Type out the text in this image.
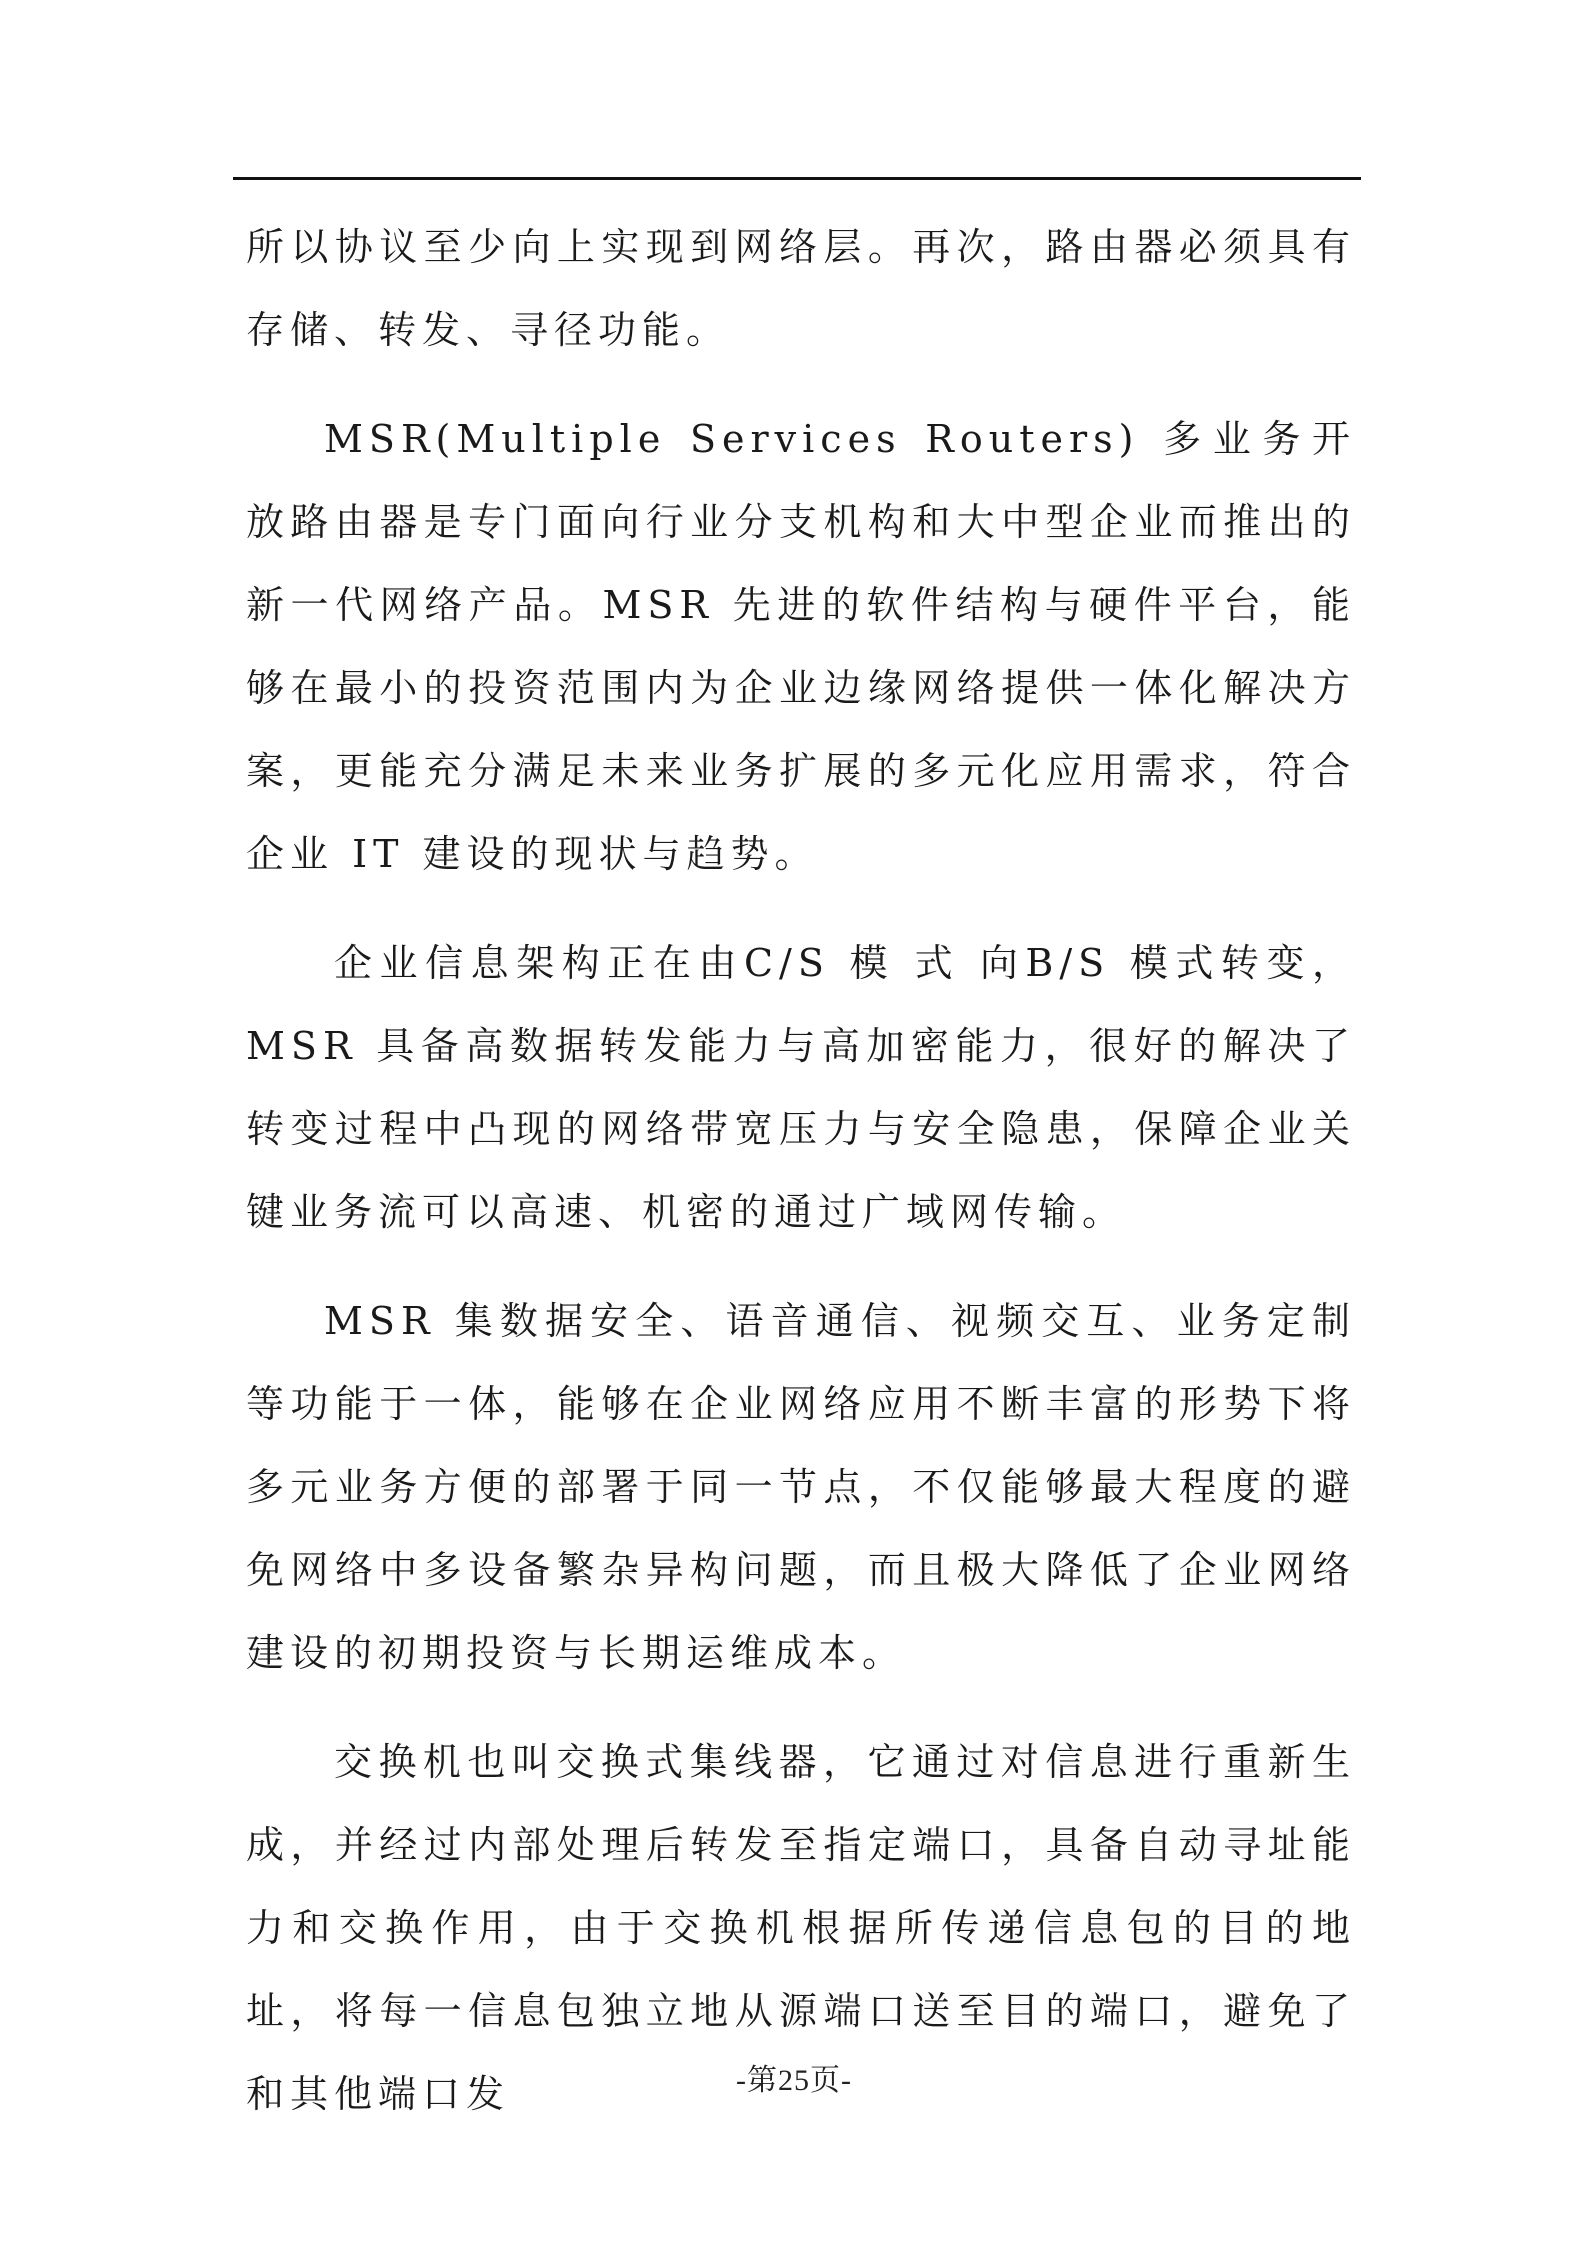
所以协议至少向上实现到网络层。再次，路由器必须具有存储、转发、寻径功能。

MSR(Multiple Services Routers) 多业务开放路由器是专门面向行业分支机构和大中型企业而推出的新一代网络产品。MSR 先进的软件结构与硬件平台，能够在最小的投资范围内为企业边缘网络提供一体化解决方案，更能充分满足未来业务扩展的多元化应用需求，符合企业 IT 建设的现状与趋势。

企业信息架构正在由C/S 模 式 向B/S 模式转变，MSR 具备高数据转发能力与高加密能力，很好的解决了转变过程中凸现的网络带宽压力与安全隐患，保障企业关键业务流可以高速、机密的通过广域网传输。

MSR 集数据安全、语音通信、视频交互、业务定制等功能于一体，能够在企业网络应用不断丰富的形势下将多元业务方便的部署于同一节点，不仅能够最大程度的避免网络中多设备繁杂异构问题，而且极大降低了企业网络建设的初期投资与长期运维成本。

交换机也叫交换式集线器，它通过对信息进行重新生成，并经过内部处理后转发至指定端口，具备自动寻址能力和交换作用，由于交换机根据所传递信息包的目的地址，将每一信息包独立地从源端口送至目的端口，避免了和其他端口发	-第25页-
